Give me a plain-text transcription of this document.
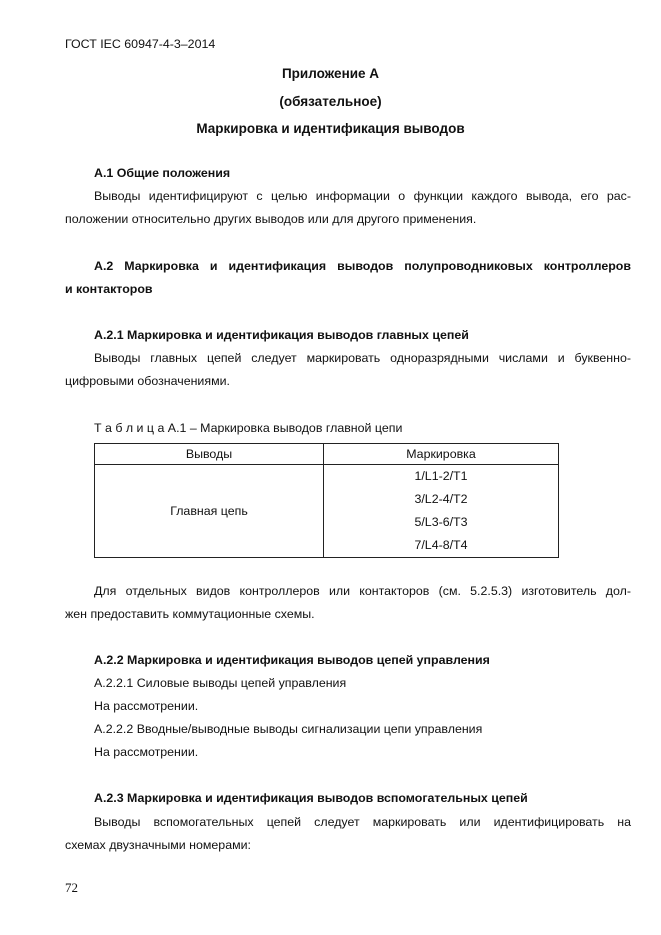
ГОСТ IEC 60947-4-3–2014
Приложение А
(обязательное)
Маркировка и идентификация выводов
А.1 Общие положения
Выводы идентифицируют с целью информации о функции каждого вывода, его рас-
положении относительно других выводов или для другого применения.
А.2 Маркировка и идентификация выводов полупроводниковых контроллеров
и контакторов
А.2.1 Маркировка и идентификация выводов главных цепей
Выводы главных цепей следует маркировать одноразрядными числами и буквенно-
цифровыми обозначениями.
Т а б л и ц а А.1 – Маркировка выводов главной цепи
Выводы	Маркировка
Главная цепь	1/L1-2/T1
	3/L2-4/T2
	5/L3-6/T3
	7/L4-8/T4
Для отдельных видов контроллеров или контакторов (см. 5.2.5.3) изготовитель дол-
жен предоставить коммутационные схемы.
А.2.2 Маркировка и идентификация выводов цепей управления
А.2.2.1 Силовые выводы цепей управления
На рассмотрении.
А.2.2.2 Вводные/выводные выводы сигнализации цепи управления
На рассмотрении.
А.2.3 Маркировка и идентификация выводов вспомогательных цепей
Выводы вспомогательных цепей следует маркировать или идентифицировать на
схемах двузначными номерами:
72
